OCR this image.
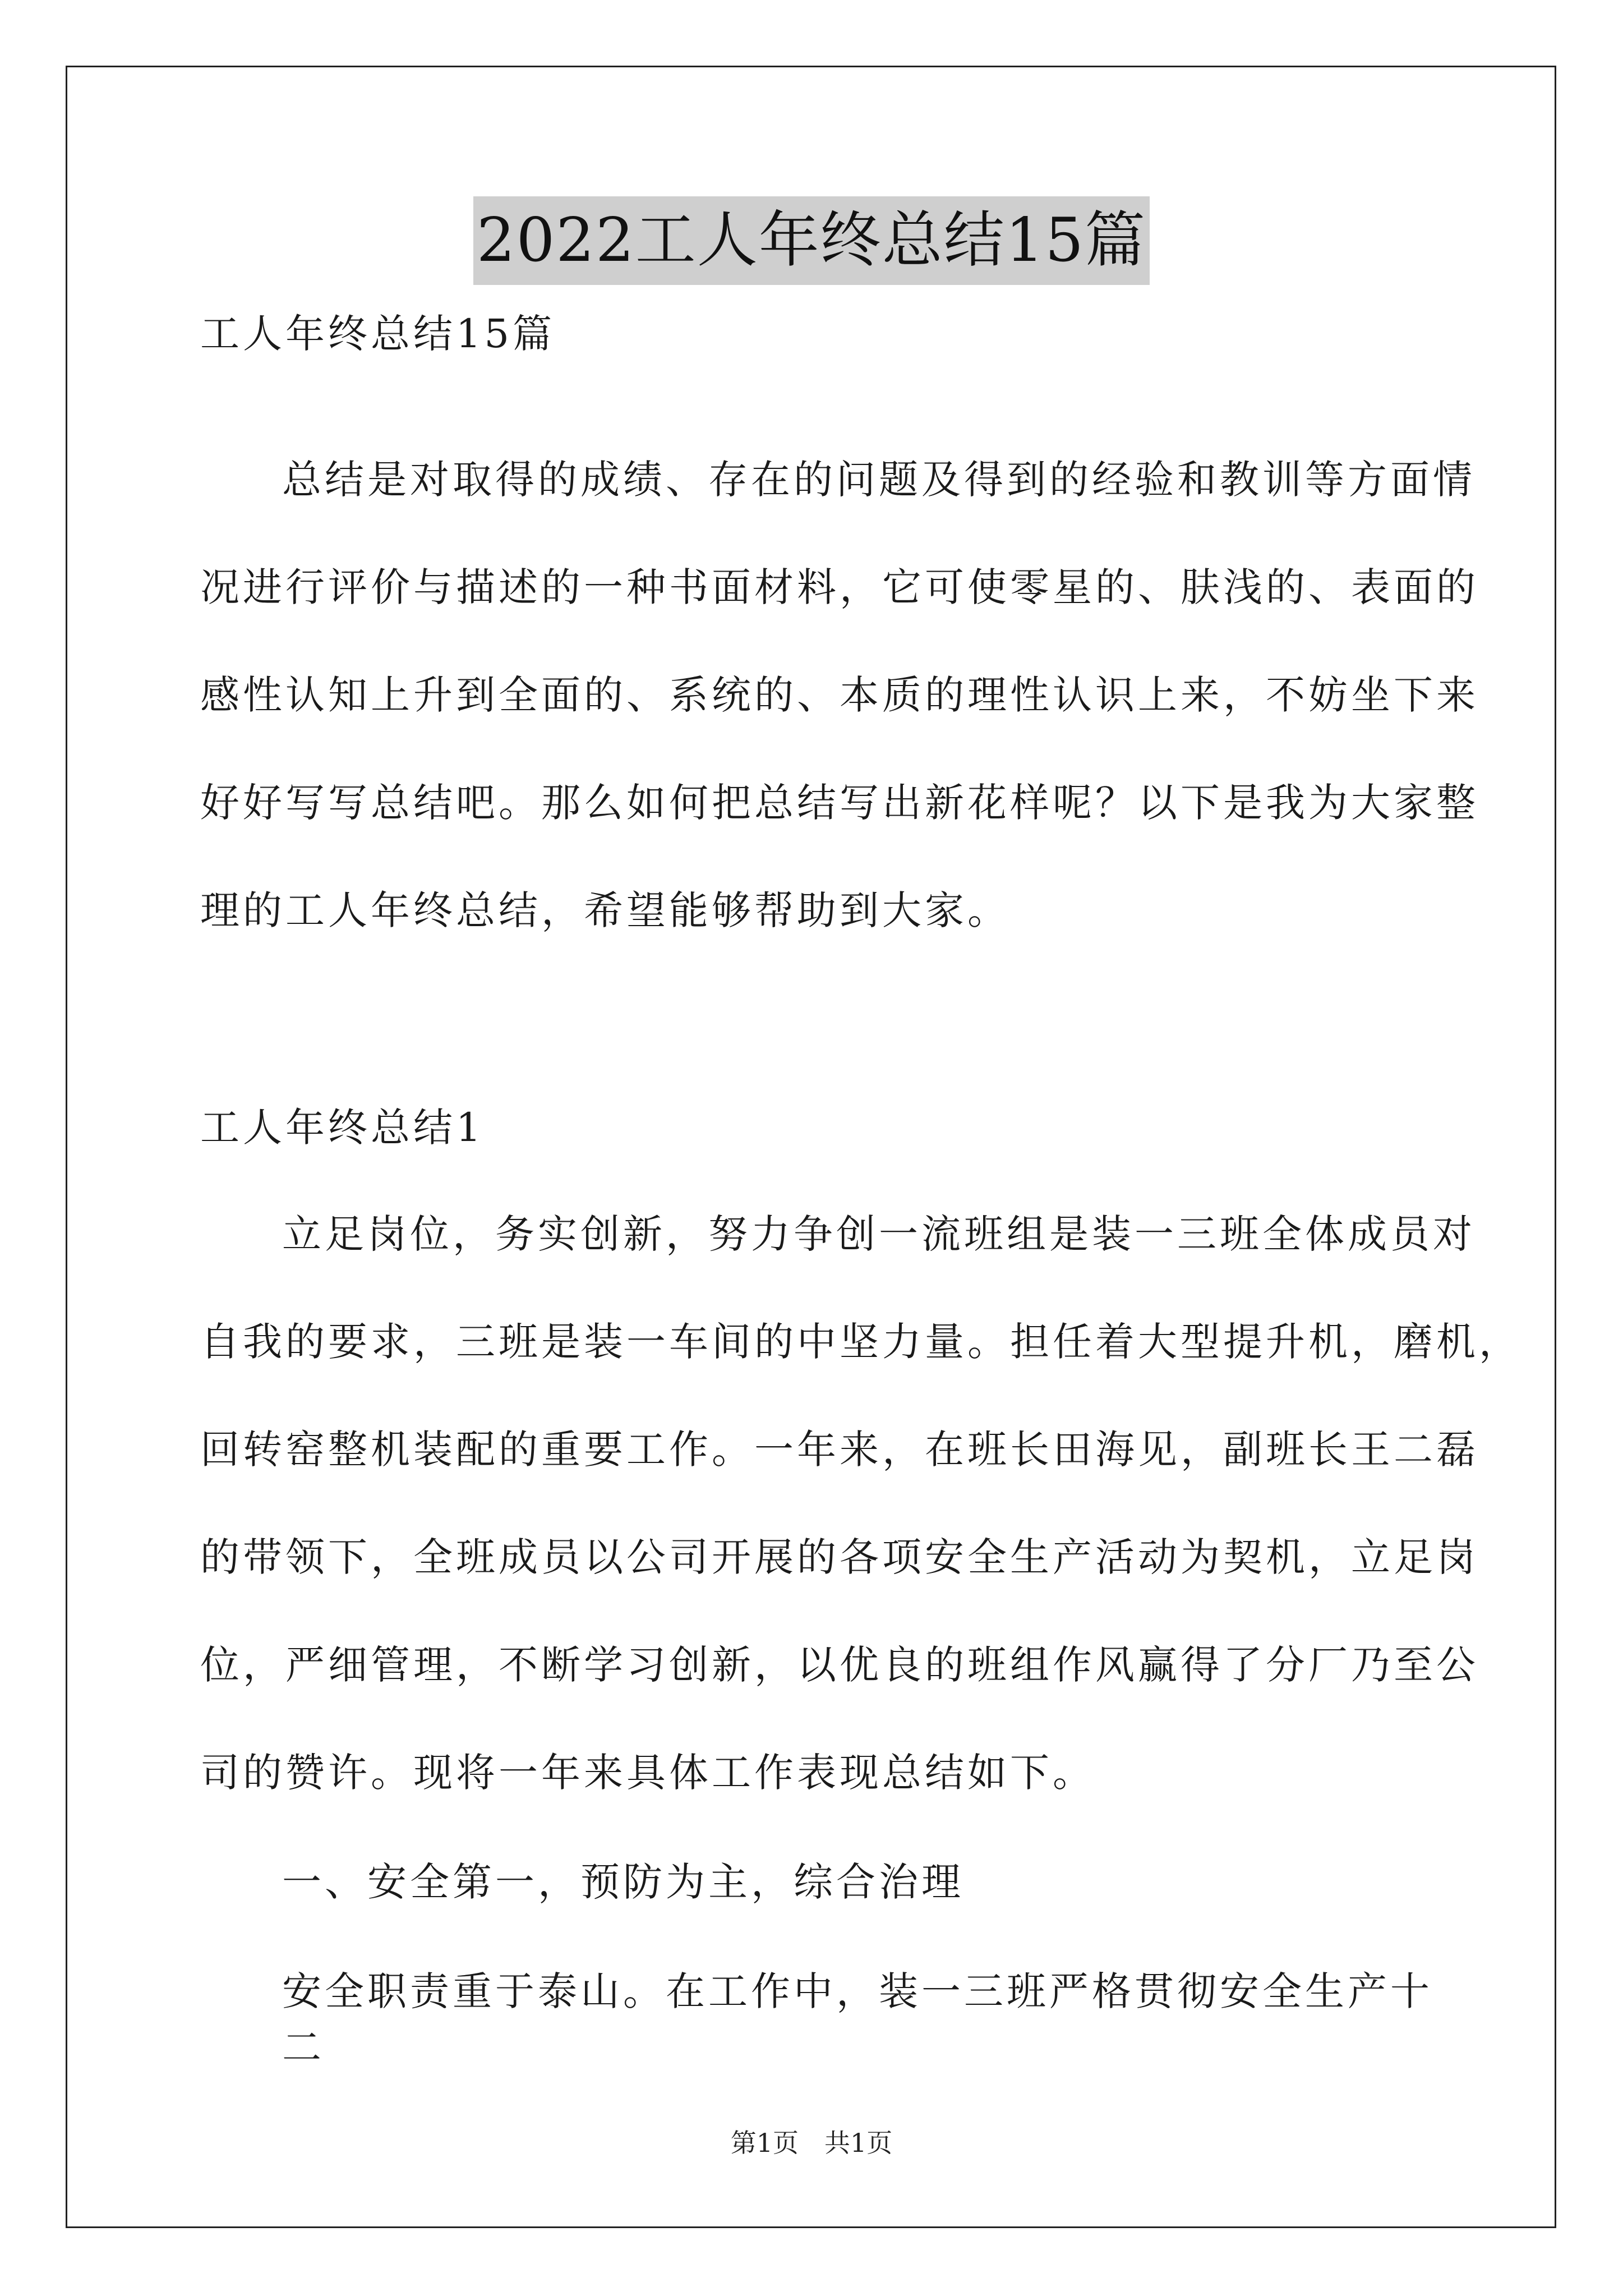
2022工人年终总结15篇
工人年终总结15篇
总结是对取得的成绩、存在的问题及得到的经验和教训等方面情
况进行评价与描述的一种书面材料，它可使零星的、肤浅的、表面的
感性认知上升到全面的、系统的、本质的理性认识上来，不妨坐下来
好好写写总结吧。那么如何把总结写出新花样呢？以下是我为大家整
理的工人年终总结，希望能够帮助到大家。
工人年终总结1
立足岗位，务实创新，努力争创一流班组是装一三班全体成员对
自我的要求，三班是装一车间的中坚力量。担任着大型提升机，磨机，
回转窑整机装配的重要工作。一年来，在班长田海见，副班长王二磊
的带领下，全班成员以公司开展的各项安全生产活动为契机，立足岗
位，严细管理，不断学习创新，以优良的班组作风赢得了分厂乃至公
司的赞许。现将一年来具体工作表现总结如下。
一、安全第一，预防为主，综合治理
安全职责重于泰山。在工作中，装一三班严格贯彻安全生产十二
第1页　共1页
